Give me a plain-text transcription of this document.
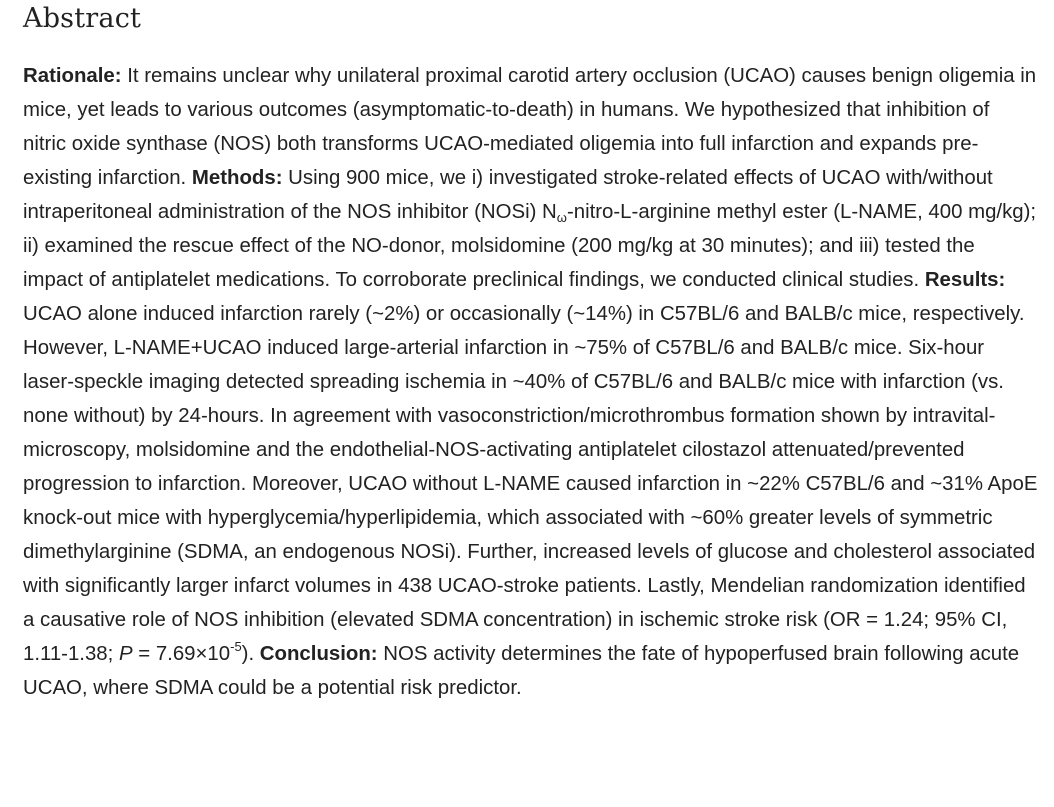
Abstract

Rationale: It remains unclear why unilateral proximal carotid artery occlusion (UCAO) causes benign oligemia in mice, yet leads to various outcomes (asymptomatic-to-death) in humans. We hypothesized that inhibition of nitric oxide synthase (NOS) both transforms UCAO-mediated oligemia into full infarction and expands pre-existing infarction. Methods: Using 900 mice, we i) investigated stroke-related effects of UCAO with/without intraperitoneal administration of the NOS inhibitor (NOSi) $N_\omega-nitro-L$-arginine methyl ester (L-NAME, 400 mg/kg); ii) examined the rescue effect of the NO-donor, molsidomine (200 mg/kg at 30 minutes); and iii) tested the impact of antiplatelet medications. To corroborate preclinical findings, we conducted clinical studies. Results: UCAO alone induced infarction rarely (~2%) or occasionally (~14%) in C57BL/6 and BALB/c mice, respectively. However, L-NAME+UCAO induced large-arterial infarction in ~75% of C57BL/6 and BALB/c mice. Six-hour laser-speckle imaging detected spreading ischemia in ~40% of C57BL/6 and BALB/c mice with infarction (vs. none without) by 24-hours. In agreement with vasoconstriction/microthrombus formation shown by intravital-microscopy, molsidomine and the endothelial-NOS-activating antiplatelet cilostazol attenuated/prevented progression to infarction. Moreover, UCAO without L-NAME caused infarction in ~22% C57BL/6 and ~31% ApoE knock-out mice with hyperglycemia/hyperlipidemia, which associated with ~60% greater levels of symmetric dimethylarginine (SDMA, an endogenous NOSi). Further, increased levels of glucose and cholesterol associated with significantly larger infarct volumes in 438 UCAO-stroke patients. Lastly, Mendelian randomization identified a causative role of NOS inhibition (elevated SDMA concentration) in ischemic stroke risk (OR = 1.24; 95% CI, 1.11-1.38; $P = 7.69\times 10^{-5}$). Conclusion: NOS activity determines the fate of hypoperfused brain following acute UCAO, where SDMA could be a potential risk predictor.
